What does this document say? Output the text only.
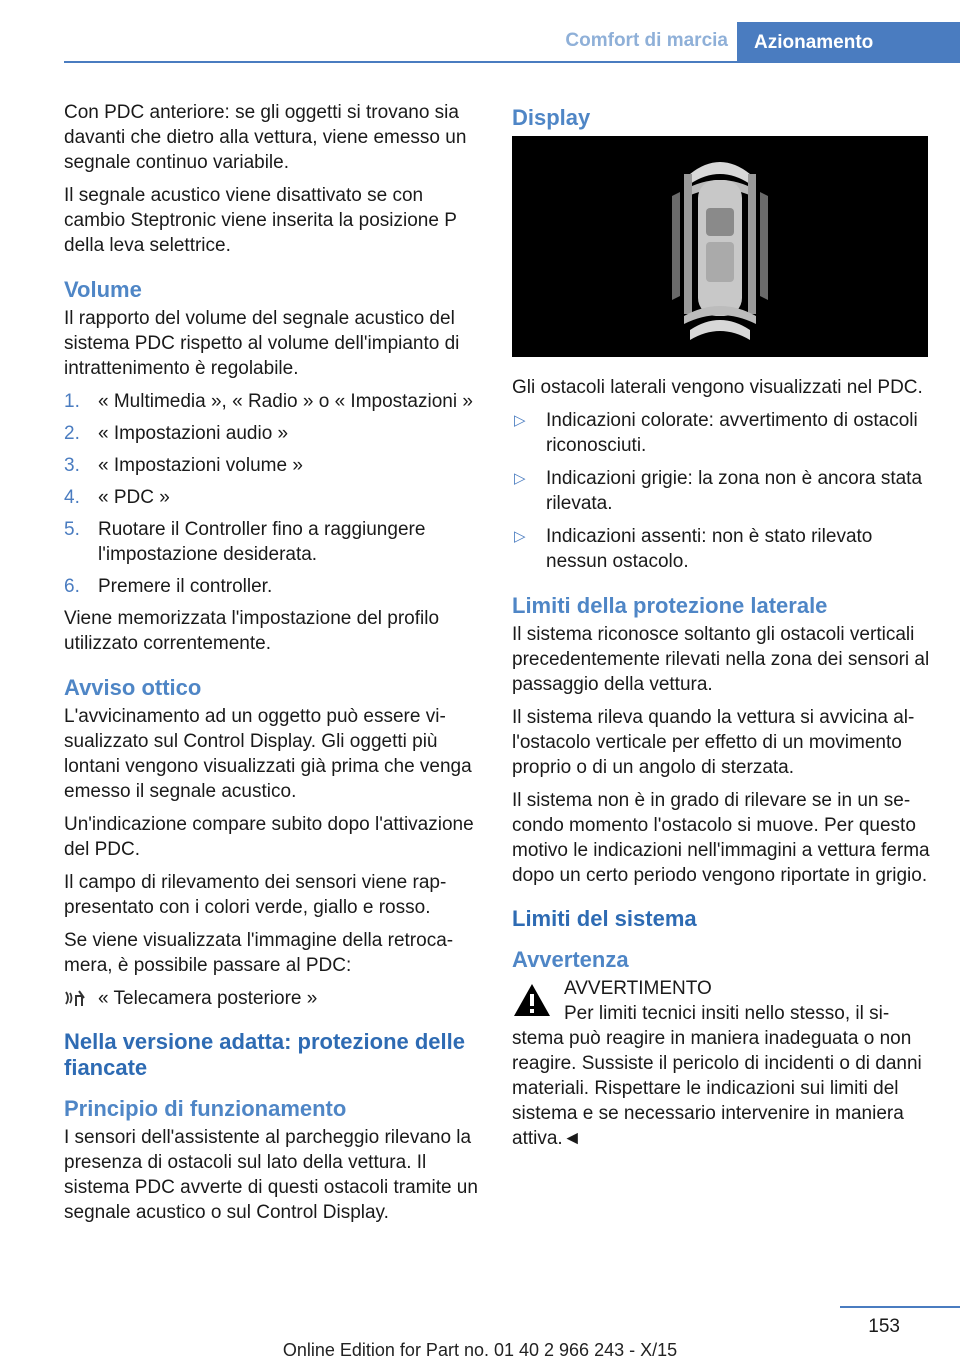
Comfort di marcia	Azionamento

Con PDC anteriore: se gli oggetti si trovano sia davanti che dietro alla vettura, viene emesso un segnale continuo variabile.

Il segnale acustico viene disattivato se con cambio Steptronic viene inserita la posizione P della leva selettrice.

Volume

Il rapporto del volume del segnale acustico del sistema PDC rispetto al volume dell'impianto di intrattenimento è regolabile.

1. « Multimedia », « Radio » o « Impostazioni »
2. « Impostazioni audio »
3. « Impostazioni volume »
4. « PDC »
5. Ruotare il Controller fino a raggiungere l'impostazione desiderata.
6. Premere il controller.

Viene memorizzata l'impostazione del profilo utilizzato correntemente.

Avviso ottico

L'avvicinamento ad un oggetto può essere visualizzato sul Control Display. Gli oggetti più lontani vengono visualizzati già prima che venga emesso il segnale acustico.

Un'indicazione compare subito dopo l'attivazione del PDC.

Il campo di rilevamento dei sensori viene rappresentato con i colori verde, giallo e rosso.

Se viene visualizzata l'immagine della retrocamera, è possibile passare al PDC:

« Telecamera posteriore »
Nella versione adatta: protezione delle fiancate
Principio di funzionamento

I sensori dell'assistente al parcheggio rilevano la presenza di ostacoli sul lato della vettura. Il sistema PDC avverte di questi ostacoli tramite un segnale acustico o sul Control Display.

Display

Gli ostacoli laterali vengono visualizzati nel PDC.

▷ Indicazioni colorate: avvertimento di ostacoli riconosciuti.
▷ Indicazioni grigie: la zona non è ancora stata rilevata.
▷ Indicazioni assenti: non è stato rilevato nessun ostacolo.
Limiti della protezione laterale

Il sistema riconosce soltanto gli ostacoli verticali precedentemente rilevati nella zona dei sensori al passaggio della vettura.

Il sistema rileva quando la vettura si avvicina all'ostacolo verticale per effetto di un movimento proprio o di un angolo di sterzata.

Il sistema non è in grado di rilevare se in un secondo momento l'ostacolo si muove. Per questo motivo le indicazioni nell'immagini a vettura ferma dopo un certo periodo vengono riportate in grigio.

Limiti del sistema
Avvertenza
AVVERTIMENTO
Per limiti tecnici insiti nello stesso, il sistema può reagire in maniera inadeguata o non reagire. Sussiste il pericolo di incidenti o di danni materiali. Rispettare le indicazioni sui limiti del sistema e se necessario intervenire in maniera attiva.◄
153
Online Edition for Part no. 01 40 2 966 243 - X/15
